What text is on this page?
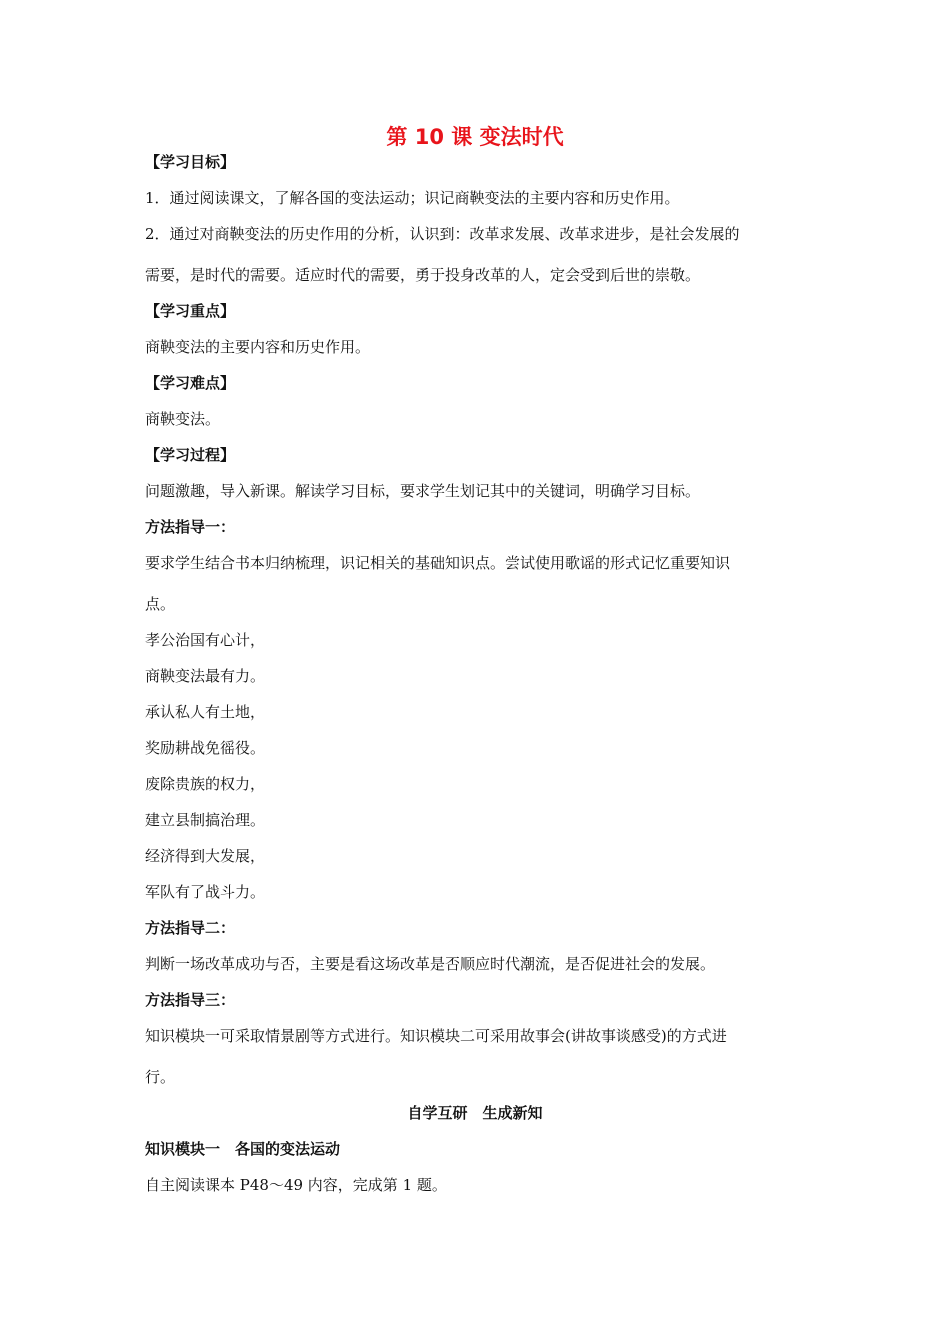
第 10 课 变法时代
【学习目标】
1．通过阅读课文，了解各国的变法运动；识记商鞅变法的主要内容和历史作用。
2．通过对商鞅变法的历史作用的分析，认识到：改革求发展、改革求进步，是社会发展的
需要，是时代的需要。适应时代的需要，勇于投身改革的人，定会受到后世的崇敬。
【学习重点】
商鞅变法的主要内容和历史作用。
【学习难点】
商鞅变法。
【学习过程】
问题激趣，导入新课。解读学习目标，要求学生划记其中的关键词，明确学习目标。
方法指导一：
要求学生结合书本归纳梳理，识记相关的基础知识点。尝试使用歌谣的形式记忆重要知识
点。
孝公治国有心计，
商鞅变法最有力。
承认私人有土地，
奖励耕战免徭役。
废除贵族的权力，
建立县制搞治理。
经济得到大发展，
军队有了战斗力。
方法指导二：
判断一场改革成功与否，主要是看这场改革是否顺应时代潮流，是否促进社会的发展。
方法指导三：
知识模块一可采取情景剧等方式进行。知识模块二可采用故事会(讲故事谈感受)的方式进
行。
自学互研　生成新知
知识模块一　各国的变法运动
自主阅读课本 P48～49 内容，完成第 1 题。
